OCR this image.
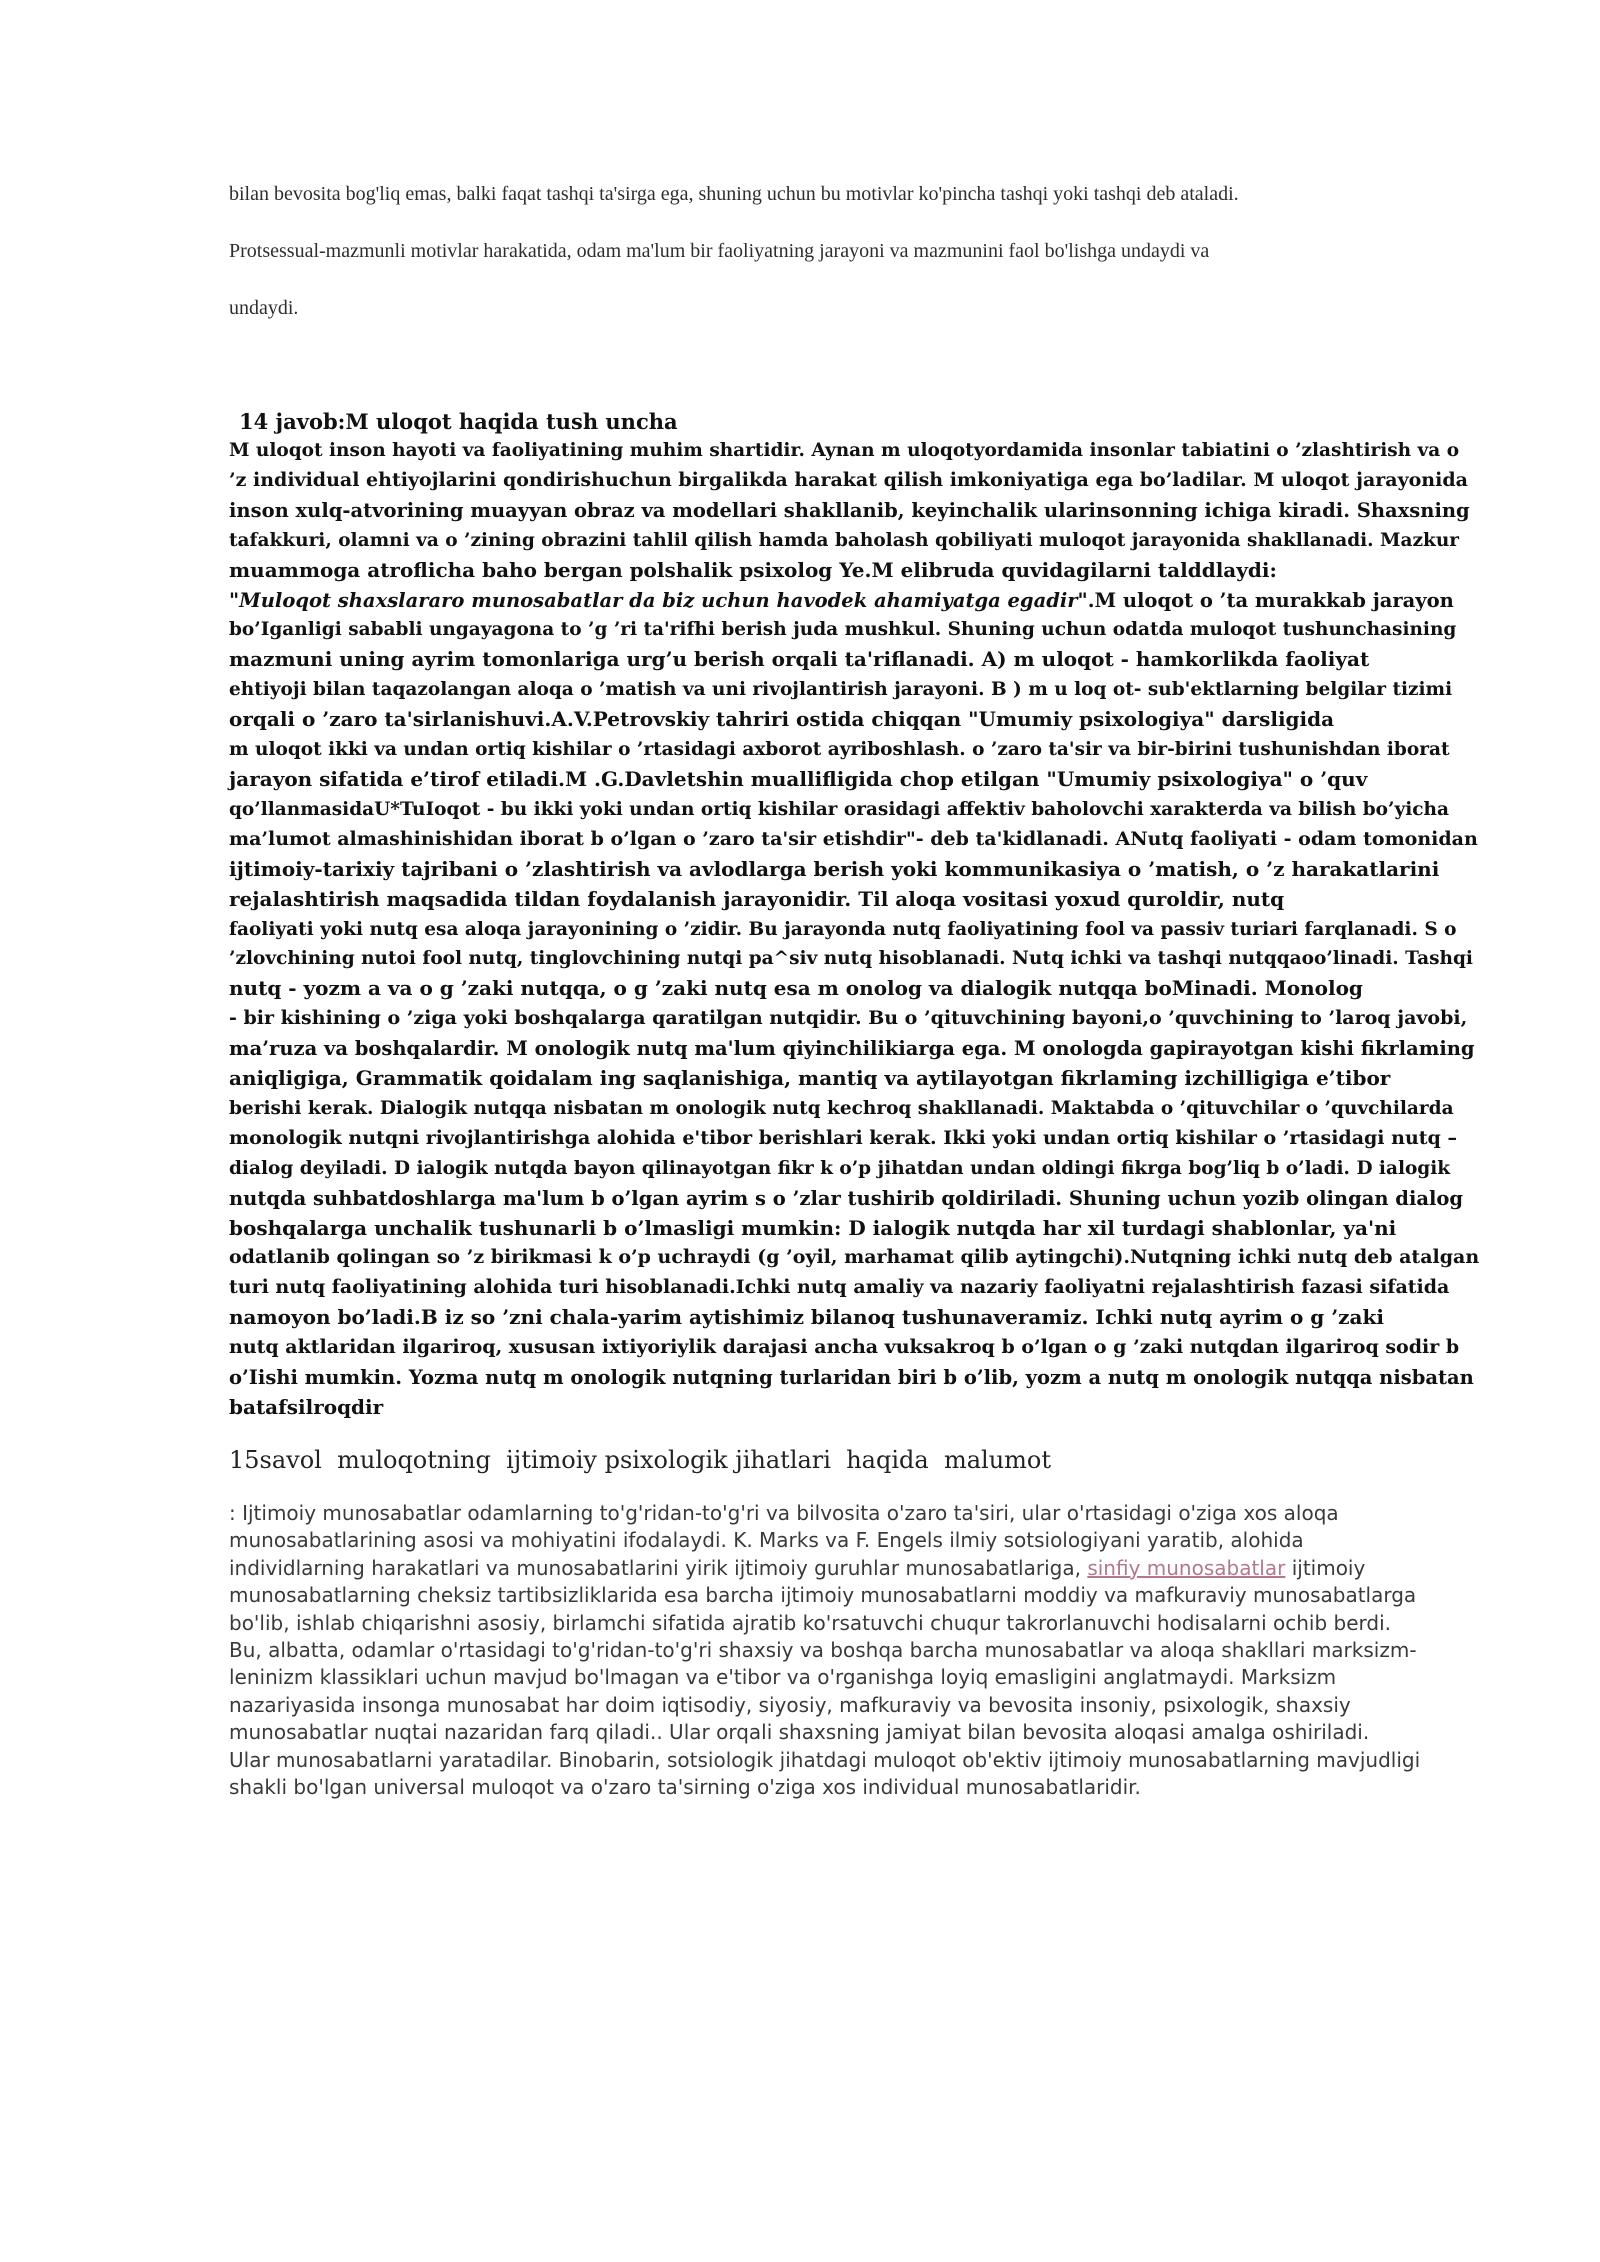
bilan bevosita bog'liq emas, balki faqat tashqi ta'sirga ega, shuning uchun bu motivlar ko'pincha tashqi yoki tashqi deb ataladi.
Protsessual-mazmunli motivlar harakatida, odam ma'lum bir faoliyatning jarayoni va mazmunini faol bo'lishga undaydi va
undaydi.
14 javob:M uloqot haqida tush uncha
M uloqot inson hayoti va faoliyatining muhim shartidir. Aynan m uloqotyordamida insonlar tabiatini o ’zlashtirish va o
’z individual ehtiyojlarini qondirishuchun birgalikda harakat qilish imkoniyatiga ega bo’ladilar. M uloqot jarayonida
inson xulq-atvorining muayyan obraz va modellari shakllanib, keyinchalik ularinsonning ichiga kiradi. Shaxsning
tafakkuri, olamni va o ’zining obrazini tahlil qilish hamda baholash qobiliyati muloqot jarayonida shakllanadi. Mazkur
muammoga atroflicha baho bergan polshalik psixolog Ye.M elibruda quvidagilarni talddlaydi:
"Muloqot shaxslararo munosabatlar da biz uchun havodek ahamiyatga egadir".M uloqot o ’ta murakkab jarayon
bo’Iganligi sababli ungayagona to ’g ’ri ta'rifhi berish juda mushkul. Shuning uchun odatda muloqot tushunchasining
mazmuni uning ayrim tomonlariga urg’u berish orqali ta'riflanadi. A) m uloqot - hamkorlikda faoliyat
ehtiyoji bilan taqazolangan aloqa o ’matish va uni rivojlantirish jarayoni. B ) m u loq ot- sub'ektlarning belgilar tizimi
orqali o ’zaro ta'sirlanishuvi.A.V.Petrovskiy tahriri ostida chiqqan "Umumiy psixologiya" darsligida
m uloqot ikki va undan ortiq kishilar o ’rtasidagi axborot ayriboshlash. o ’zaro ta'sir va bir-birini tushunishdan iborat
jarayon sifatida e’tirof etiladi.M .G.Davletshin muallifligida chop etilgan "Umumiy psixologiya" o ’quv
qo’llanmasidaU*TuIoqot - bu ikki yoki undan ortiq kishilar orasidagi affektiv baholovchi xarakterda va bilish bo’yicha
ma’lumot almashinishidan iborat b o’lgan o ’zaro ta'sir etishdir"- deb ta'kidlanadi. ANutq faoliyati - odam tomonidan
ijtimoiy-tarixiy tajribani o ’zlashtirish va avlodlarga berish yoki kommunikasiya o ’matish, o ’z harakatlarini
rejalashtirish maqsadida tildan foydalanish jarayonidir. Til aloqa vositasi yoxud quroldir, nutq
faoliyati yoki nutq esa aloqa jarayonining o ’zidir. Bu jarayonda nutq faoliyatining fool va passiv turiari farqlanadi. S o
’zlovchining nutoi fool nutq, tinglovchining nutqi pa^siv nutq hisoblanadi. Nutq ichki va tashqi nutqqaoo’linadi. Tashqi
nutq - yozm a va o g ’zaki nutqqa, o g ’zaki nutq esa m onolog va dialogik nutqqa boMinadi. Monolog
- bir kishining o ’ziga yoki boshqalarga qaratilgan nutqidir. Bu o ’qituvchining bayoni,o ’quvchining to ’laroq javobi,
ma’ruza va boshqalardir. M onologik nutq ma'lum qiyinchilikiarga ega. M onologda gapirayotgan kishi fikrlaming
aniqligiga, Grammatik qoidalam ing saqlanishiga, mantiq va aytilayotgan fikrlaming izchilligiga e’tibor
berishi kerak. Dialogik nutqqa nisbatan m onologik nutq kechroq shakllanadi. Maktabda o ’qituvchilar o ’quvchilarda
monologik nutqni rivojlantirishga alohida e'tibor berishlari kerak. Ikki yoki undan ortiq kishilar o ’rtasidagi nutq –
dialog deyiladi. D ialogik nutqda bayon qilinayotgan fikr k o’p jihatdan undan oldingi fikrga bog’liq b o’ladi. D ialogik
nutqda suhbatdoshlarga ma'lum b o’lgan ayrim s o ’zlar tushirib qoldiriladi. Shuning uchun yozib olingan dialog
boshqalarga unchalik tushunarli b o’lmasligi mumkin: D ialogik nutqda har xil turdagi shablonlar, ya'ni
odatlanib qolingan so ’z birikmasi k o’p uchraydi (g ’oyil, marhamat qilib aytingchi).Nutqning ichki nutq deb atalgan
turi nutq faoliyatining alohida turi hisoblanadi.Ichki nutq amaliy va nazariy faoliyatni rejalashtirish fazasi sifatida
namoyon bo’ladi.B iz so ’zni chala-yarim aytishimiz bilanoq tushunaveramiz. Ichki nutq ayrim o g ’zaki
nutq aktlaridan ilgariroq, xususan ixtiyoriylik darajasi ancha vuksakroq b o’lgan o g ’zaki nutqdan ilgariroq sodir b
o’Iishi mumkin. Yozma nutq m onologik nutqning turlaridan biri b o’lib, yozm a nutq m onologik nutqqa nisbatan
batafsilroqdir
15savol  muloqotning  ijtimoiy psixologik jihatlari  haqida  malumot
: Ijtimoiy munosabatlar odamlarning to'g'ridan-to'g'ri va bilvosita o'zaro ta'siri, ular o'rtasidagi o'ziga xos aloqa
munosabatlarining asosi va mohiyatini ifodalaydi. K. Marks va F. Engels ilmiy sotsiologiyani yaratib, alohida
individlarning harakatlari va munosabatlarini yirik ijtimoiy guruhlar munosabatlariga, sinfiy munosabatlar ijtimoiy
munosabatlarning cheksiz tartibsizliklarida esa barcha ijtimoiy munosabatlarni moddiy va mafkuraviy munosabatlarga
bo'lib, ishlab chiqarishni asosiy, birlamchi sifatida ajratib ko'rsatuvchi chuqur takrorlanuvchi hodisalarni ochib berdi.
Bu, albatta, odamlar o'rtasidagi to'g'ridan-to'g'ri shaxsiy va boshqa barcha munosabatlar va aloqa shakllari marksizm-
leninizm klassiklari uchun mavjud bo'lmagan va e'tibor va o'rganishga loyiq emasligini anglatmaydi. Marksizm
nazariyasida insonga munosabat har doim iqtisodiy, siyosiy, mafkuraviy va bevosita insoniy, psixologik, shaxsiy
munosabatlar nuqtai nazaridan farq qiladi.. Ular orqali shaxsning jamiyat bilan bevosita aloqasi amalga oshiriladi.
Ular munosabatlarni yaratadilar. Binobarin, sotsiologik jihatdagi muloqot ob'ektiv ijtimoiy munosabatlarning mavjudligi
shakli bo'lgan universal muloqot va o'zaro ta'sirning o'ziga xos individual munosabatlaridir.
